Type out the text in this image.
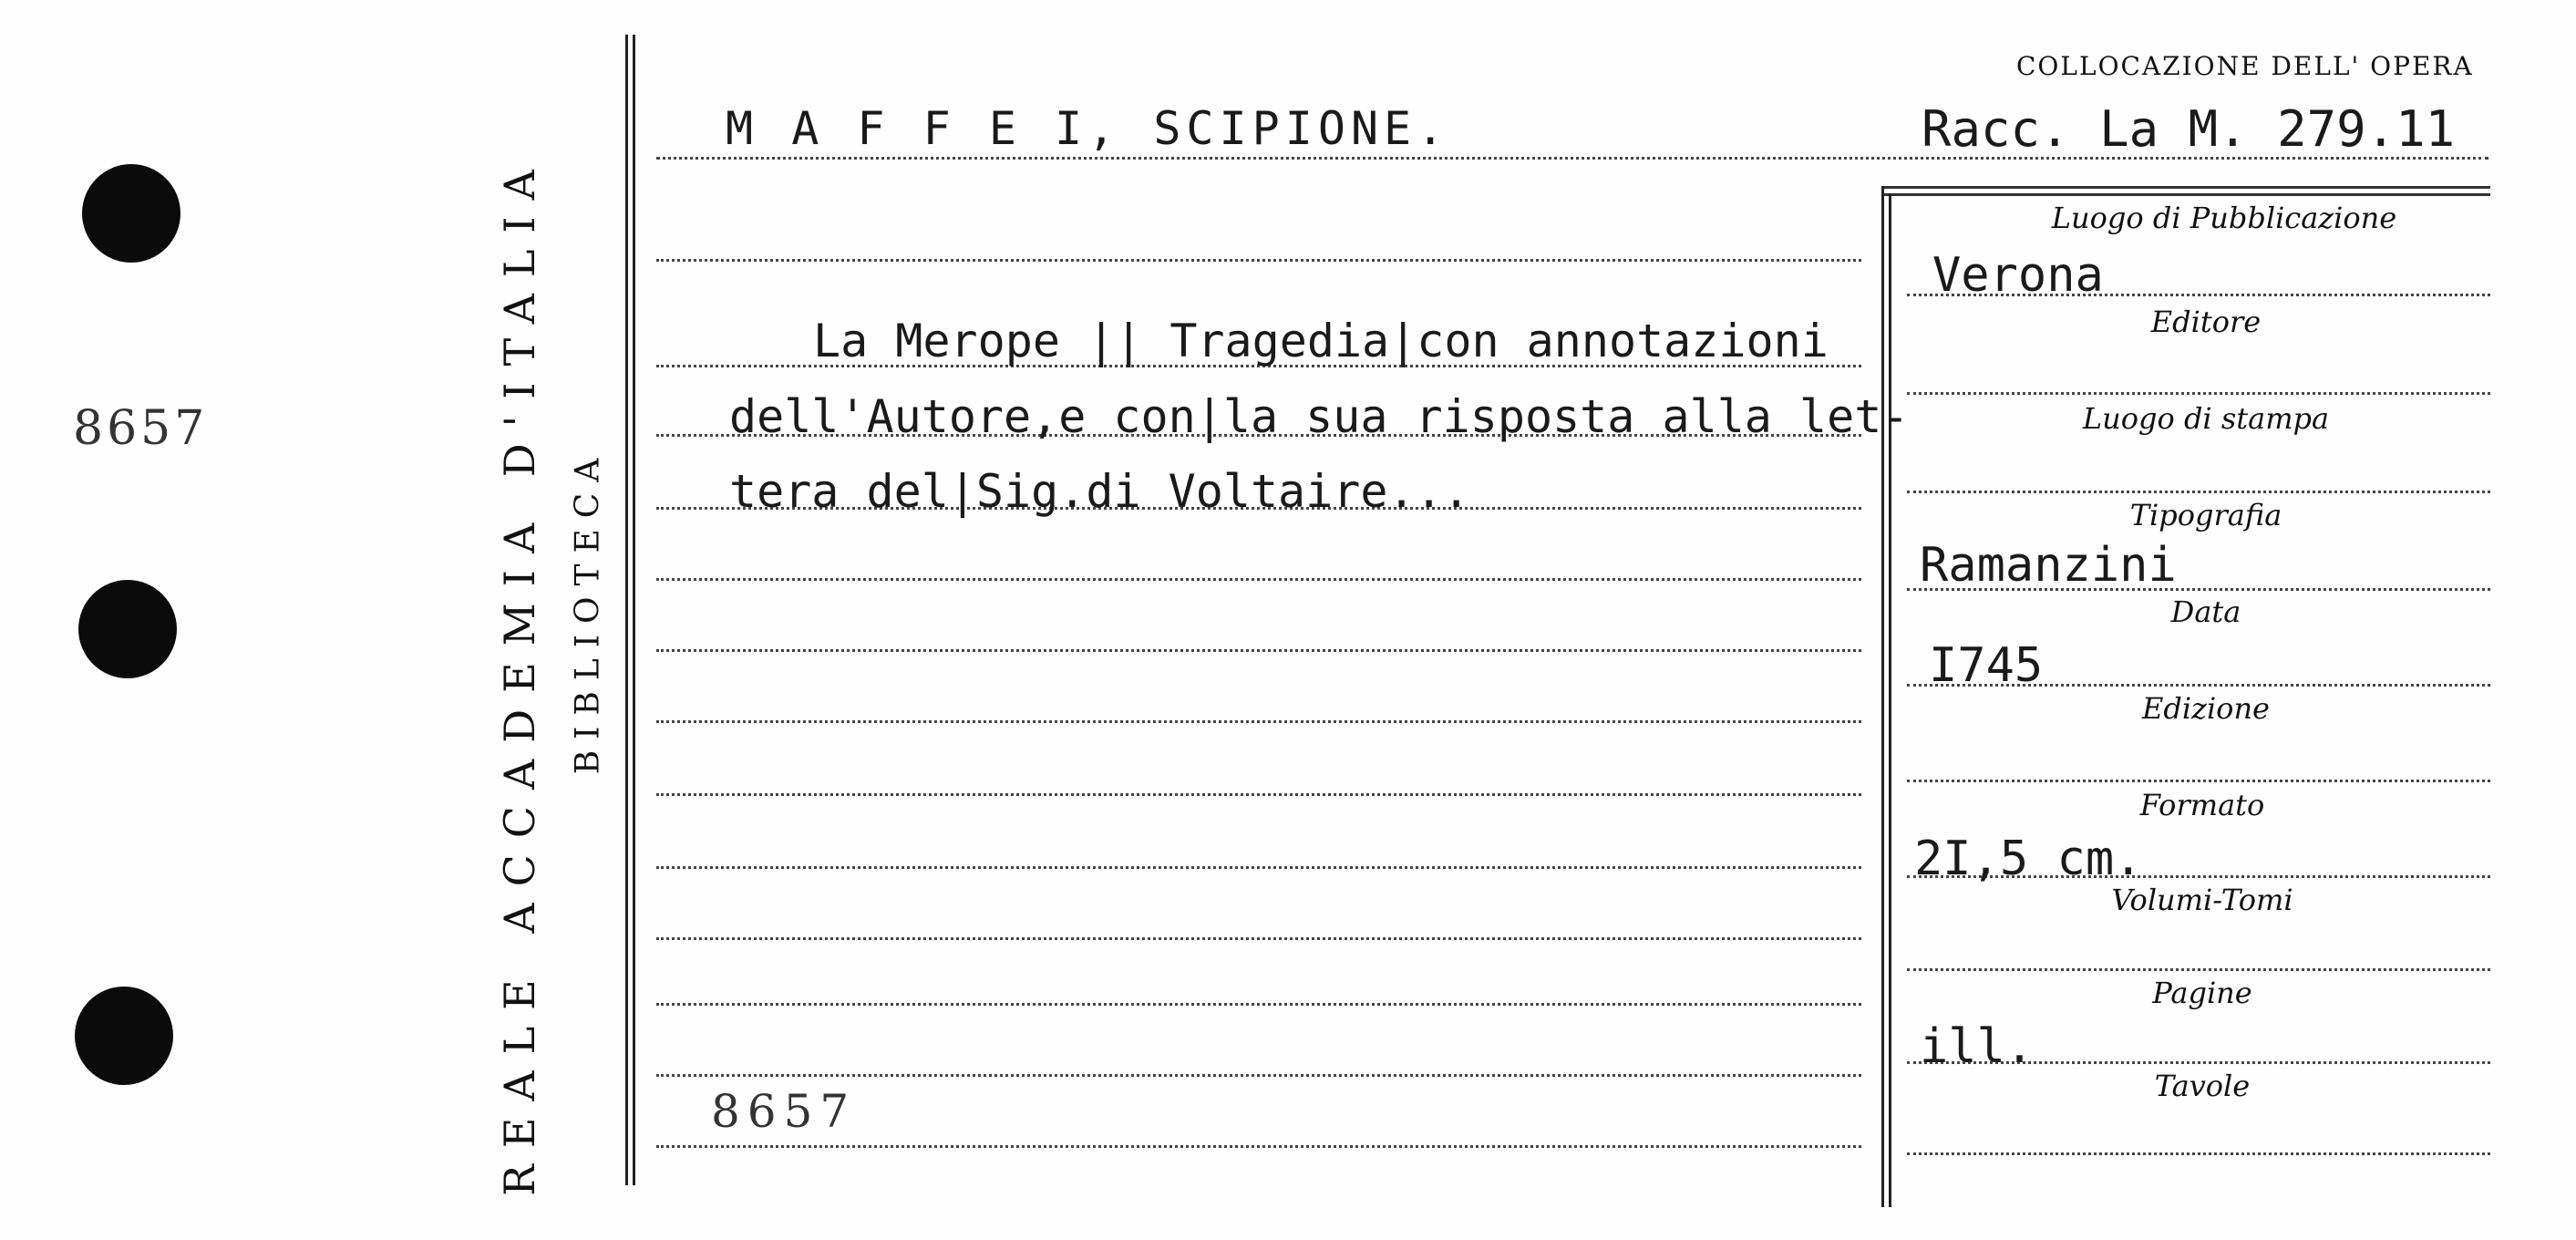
8657	REALE ACCADEMIA D'ITALIA BIBLIOTECA
COLLOCAZIONE DELL' OPERA
M A F F E I, SCIPIONE.	Racc. La M. 279.11
La Merope || Tragedia|con annotazioni
dell'Autore,e con|la sua risposta alla let-
tera del|Sig.di Voltaire...
8657
Luogo di Pubblicazione
Editore
Luogo di stampa
Tipografia
Data
Edizione
Formato
Volumi-Tomi
Pagine
Tavole
Verona
Ramanzini
I745
2I,5 cm.
ill.
